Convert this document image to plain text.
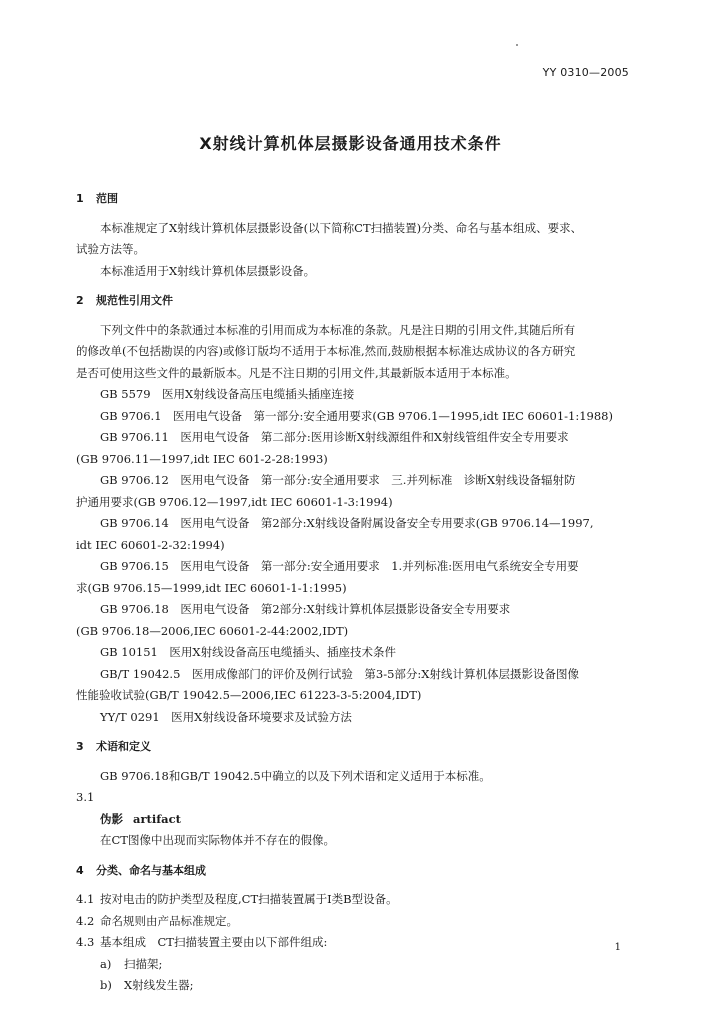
YY 0310—2005
X射线计算机体层摄影设备通用技术条件
1 范围
本标准规定了X射线计算机体层摄影设备(以下简称CT扫描装置)分类、命名与基本组成、要求、
试验方法等。
本标准适用于X射线计算机体层摄影设备。
2 规范性引用文件
下列文件中的条款通过本标准的引用而成为本标准的条款。凡是注日期的引用文件,其随后所有
的修改单(不包括勘误的内容)或修订版均不适用于本标准,然而,鼓励根据本标准达成协议的各方研究
是否可使用这些文件的最新版本。凡是不注日期的引用文件,其最新版本适用于本标准。
GB 5579　医用X射线设备高压电缆插头插座连接
GB 9706.1　医用电气设备　第一部分:安全通用要求(GB 9706.1—1995,idt IEC 60601-1:1988)
GB 9706.11　医用电气设备　第二部分:医用诊断X射线源组件和X射线管组件安全专用要求
(GB 9706.11—1997,idt IEC 601-2-28:1993)
GB 9706.12　医用电气设备　第一部分:安全通用要求　三.并列标准　诊断X射线设备辐射防
护通用要求(GB 9706.12—1997,idt IEC 60601-1-3:1994)
GB 9706.14　医用电气设备　第2部分:X射线设备附属设备安全专用要求(GB 9706.14—1997,
idt IEC 60601-2-32:1994)
GB 9706.15　医用电气设备　第一部分:安全通用要求　1.并列标准:医用电气系统安全专用要
求(GB 9706.15—1999,idt IEC 60601-1-1:1995)
GB 9706.18　医用电气设备　第2部分:X射线计算机体层摄影设备安全专用要求
(GB 9706.18—2006,IEC 60601-2-44:2002,IDT)
GB 10151　医用X射线设备高压电缆插头、插座技术条件
GB/T 19042.5　医用成像部门的评价及例行试验　第3-5部分:X射线计算机体层摄影设备图像
性能验收试验(GB/T 19042.5—2006,IEC 61223-3-5:2004,IDT)
YY/T 0291　医用X射线设备环境要求及试验方法
3 术语和定义
GB 9706.18和GB/T 19042.5中确立的以及下列术语和定义适用于本标准。
3.1
伪影 artifact
在CT图像中出现而实际物体并不存在的假像。
4 分类、命名与基本组成
4.1 按对电击的防护类型及程度,CT扫描装置属于I类B型设备。
4.2 命名规则由产品标准规定。
4.3 基本组成　CT扫描装置主要由以下部件组成:
a) 扫描架;
b) X射线发生器;
1
